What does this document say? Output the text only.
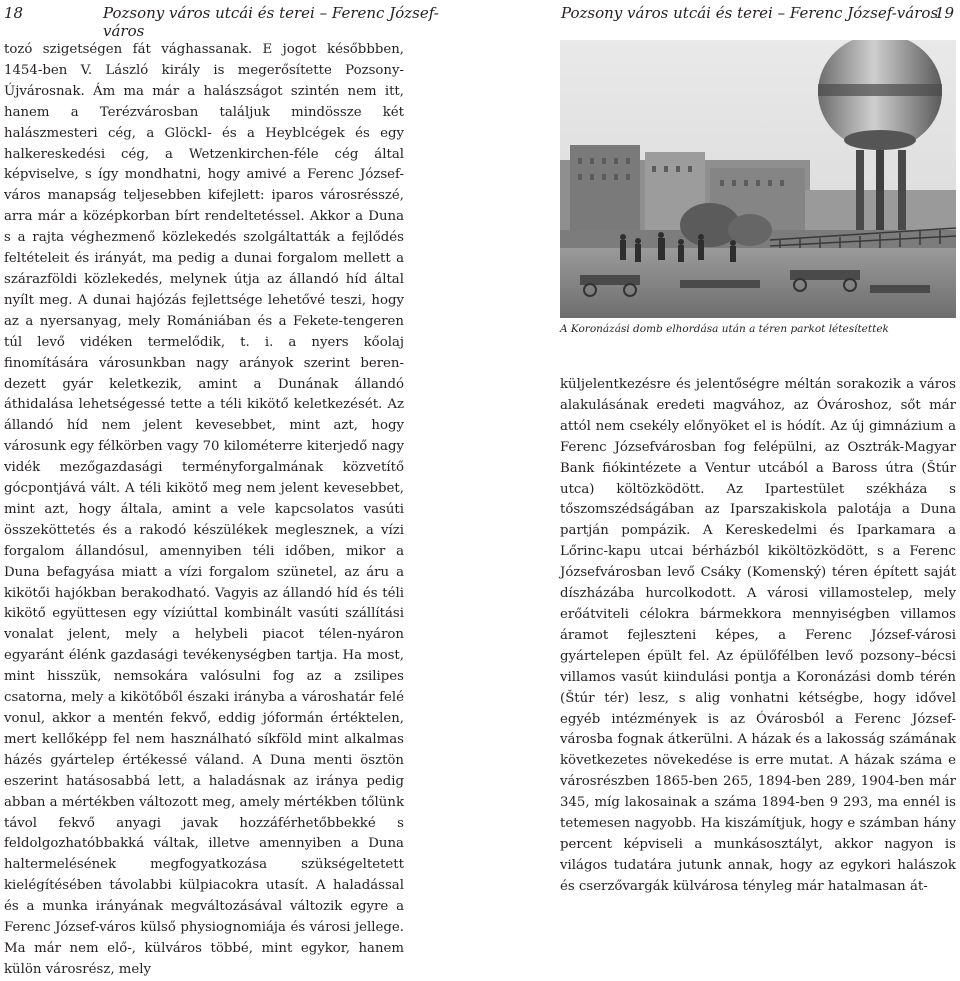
18	Pozsony város utcái és terei – Ferenc József-város

tozó szigetségen fát vághassanak. E jogot későbbben, 1454-ben V. László király is megerősítette Pozsony-Újvárosnak. Ám ma már a halászságot szintén nem itt, hanem a Terézvárosban találjuk mindössze két halászmesteri cég, a Glöckl- és a Heyblcégek és egy halkereskedési cég, a Wetzenkirchen-féle cég által képviselve, s így mondhatni, hogy amivé a Ferenc József-város manapság teljesebben kifejlett: iparos városrésszé, arra már a középkorban bírt rendeltetéssel. Akkor a Duna s a rajta véghezmenő közlekedés szolgáltatták a fejlődés feltételeit és irányát, ma pedig a dunai forgalom mellett a szárazföldi közlekedés, melynek útja az állandó híd által nyílt meg. A dunai hajózás fejlettsége lehetővé teszi, hogy az a nyersanyag, mely Romániában és a Fekete-tengeren túl levő vidéken termelődik, t. i. a nyers kőolaj finomítására városunkban nagy arányok szerint berendezett gyár keletkezik, amint a Dunának állandó áthidalása lehetségessé tette a téli kikötő keletkezését. Az állandó híd nem jelent kevesebbet, mint azt, hogy városunk egy félkörben vagy 70 kilométerre kiterjedő nagy vidék mezőgazdasági terményforgalmának közvetítő gócpontjává vált. A téli kikötő meg nem jelent kevesebbet, mint azt, hogy általa, amint a vele kapcsolatos vasúti összeköttetés és a rakodó készülékek meglesznek, a vízi forgalom állandósul, amennyiben téli időben, mikor a Duna befagyása miatt a vízi forgalom szünetel, az áru a kikötői hajókban berakodható. Vagyis az állandó híd és téli kikötő együttesen egy víziúttal kombinált vasúti szállítási vonalat jelent, mely a helybeli piacot télen-nyáron egyaránt élénk gazdasági tevékenységben tartja. Ha most, mint hisszük, nemsokára valósulni fog az a zsilipes csatorna, mely a kikötőből északi irányba a városhatár felé vonul, akkor a mentén fekvő, eddig jóformán értéktelen, mert kellőképp fel nem használható síkföld mint alkalmas házés gyártelep értékessé váland. A Duna menti ösztön eszerint hatásosabbá lett, a haladásnak az iránya pedig abban a mértékben változott meg, amely mértékben tőlünk távol fekvő anyagi javak hozzáférhetőbbekké s feldolgozhatóbbakká váltak, illetve amennyiben a Duna haltermelésének megfogyatkozása szükségeltetett kielégítésében távolabbi külpiacokra utasít. A haladással és a munka irányának megváltozásával változik egyre a Ferenc József-város külső physiognomiája és városi jellege. Ma már nem elő-, külváros többé, mint egykor, hanem külön városrész, mely

Pozsony város utcái és terei – Ferenc József-város
19
A Koronázási domb elhordása után a téren parkot létesítettek

küljelentkezésre és jelentőségre méltán sorakozik a város alakulásának eredeti magvához, az Óvároshoz, sőt már attól nem csekély előnyöket el is hódít. Az új gimnázium a Ferenc Józsefvárosban fog felépülni, az Osztrák-Magyar Bank fiókintézete a Ventur utcából a Baross útra (Štúr utca) költözködött. Az Ipartestület székháza s tőszomszédságában az Iparszakiskola palotája a Duna partján pompázik. A Kereskedelmi és Iparkamara a Lőrinc-kapu utcai bérházból kiköltözködött, s a Ferenc Józsefvárosban levő Csáky (Komenský) téren épített saját díszházába hurcolkodott. A városi villamostelep, mely erőátviteli célokra bármekkora mennyiségben villamos áramot fejleszteni képes, a Ferenc József-városi gyártelepen épült fel. Az épülőfélben levő pozsony–bécsi villamos vasút kiindulási pontja a Koronázási domb térén (Štúr tér) lesz, s alig vonhatni kétségbe, hogy idővel egyéb intézmények is az Óvárosból a Ferenc József-városba fognak átkerülni. A házak és a lakosság számának következetes növekedése is erre mutat. A házak száma e városrészben 1865-ben 265, 1894-ben 289, 1904-ben már 345, míg lakosainak a száma 1894-ben 9 293, ma ennél is tetemesen nagyobb. Ha kiszámítjuk, hogy e számban hány percent képviseli a munkásosztályt, akkor nagyon is világos tudatára jutunk annak, hogy az egykori halászok és cserzővargák külvárosa tényleg már hatalmasan át-
